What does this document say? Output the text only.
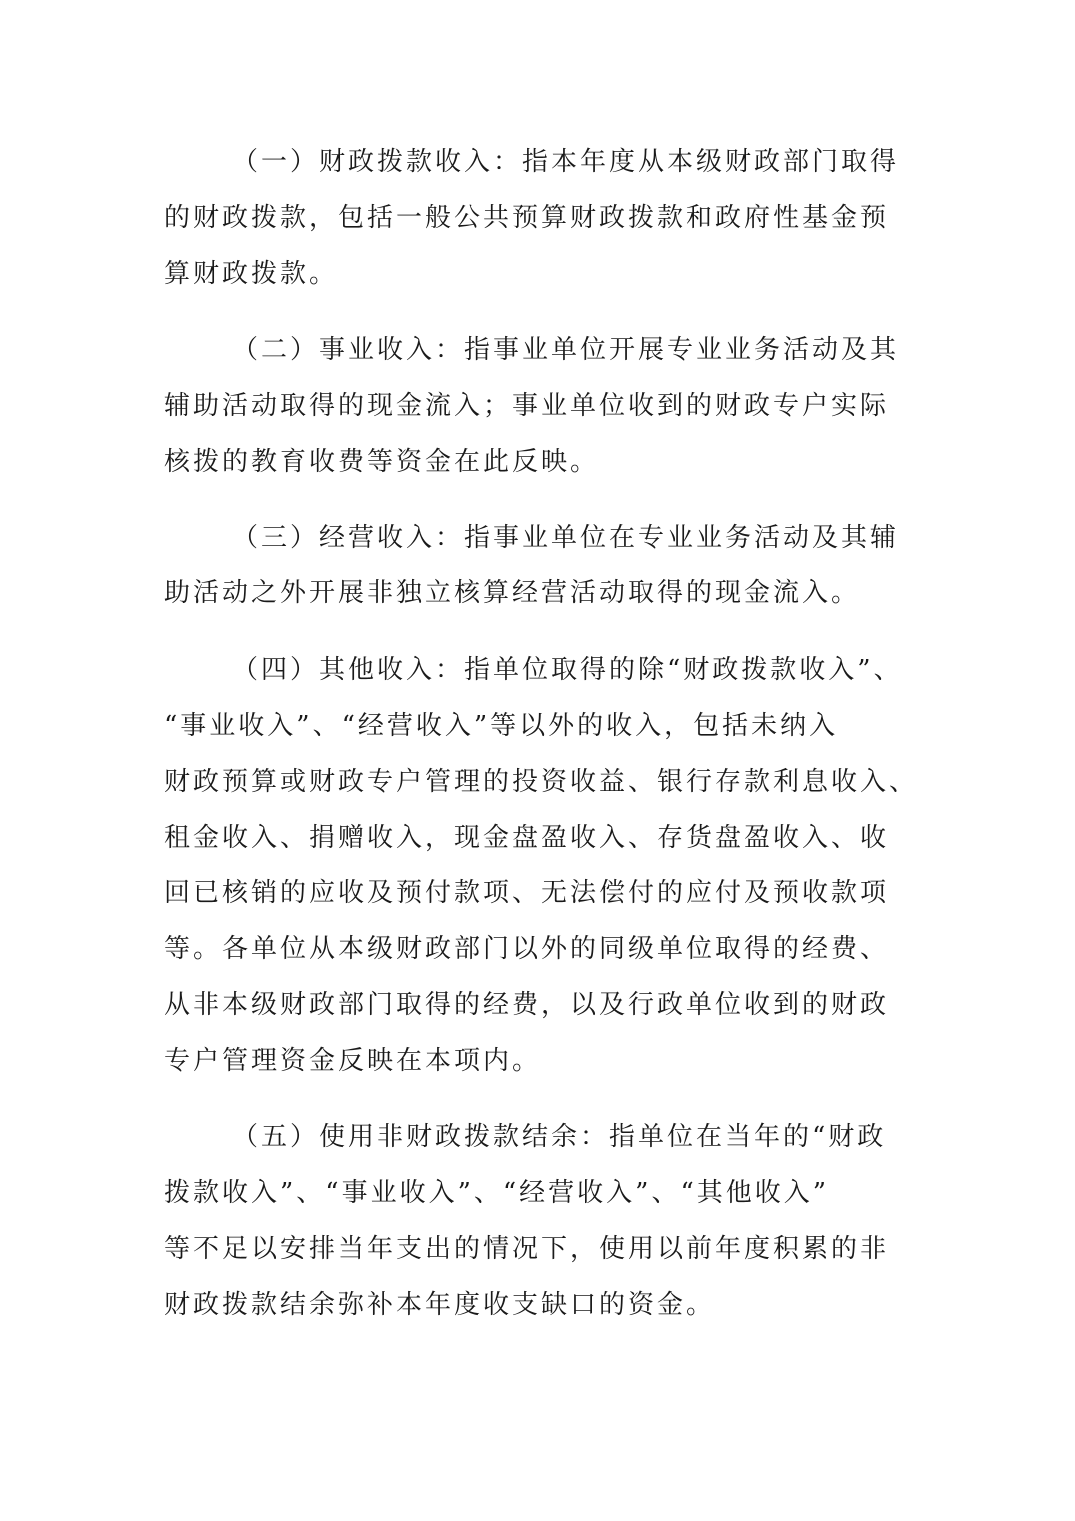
（一）财政拨款收入：指本年度从本级财政部门取得
的财政拨款，包括一般公共预算财政拨款和政府性基金预
算财政拨款。
（二）事业收入：指事业单位开展专业业务活动及其
辅助活动取得的现金流入；事业单位收到的财政专户实际
核拨的教育收费等资金在此反映。
（三）经营收入：指事业单位在专业业务活动及其辅
助活动之外开展非独立核算经营活动取得的现金流入。
（四）其他收入：指单位取得的除“财政拨款收入”、
“事业收入”、“经营收入”等以外的收入，包括未纳入
财政预算或财政专户管理的投资收益、银行存款利息收入、
租金收入、捐赠收入，现金盘盈收入、存货盘盈收入、收
回已核销的应收及预付款项、无法偿付的应付及预收款项
等。各单位从本级财政部门以外的同级单位取得的经费、
从非本级财政部门取得的经费，以及行政单位收到的财政
专户管理资金反映在本项内。
（五）使用非财政拨款结余：指单位在当年的“财政
拨款收入”、“事业收入”、“经营收入”、“其他收入”
等不足以安排当年支出的情况下，使用以前年度积累的非
财政拨款结余弥补本年度收支缺口的资金。
